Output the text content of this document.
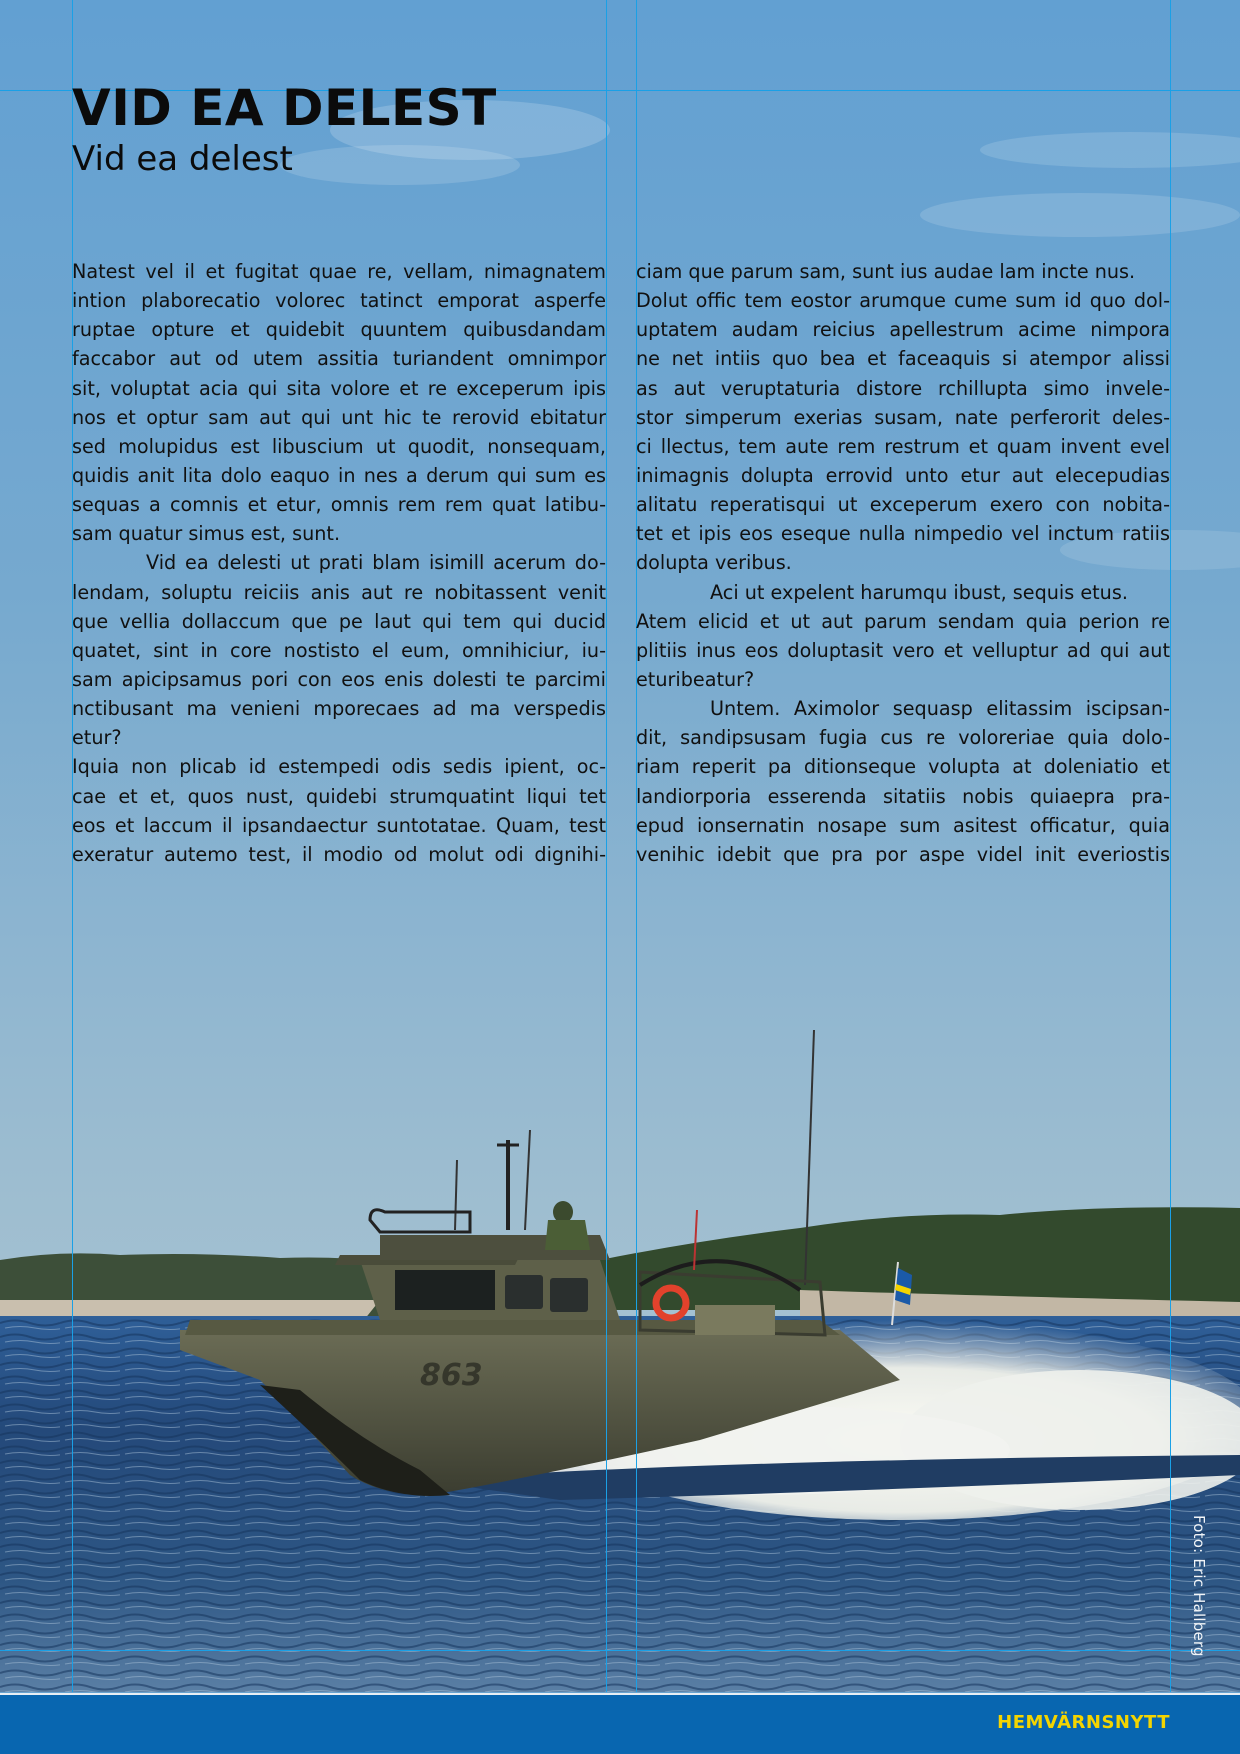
863
VID EA DELEST
Vid ea delest
Natest vel il et fugitat quae re, vellam, nimagnatem
intion plaborecatio volorec tatinct emporat asperfe
ruptae opture et quidebit quuntem quibusdandam
faccabor aut od utem assitia turiandent omnimpor
sit, voluptat acia qui sita volore et re exceperum ipis
nos et optur sam aut qui unt hic te rerovid ebitatur
sed molupidus est libuscium ut quodit, nonsequam,
quidis anit lita dolo eaquo in nes a derum qui sum es
sequas a comnis et etur, omnis rem rem quat latibu-
sam quatur simus est, sunt.
Vid ea delesti ut prati blam isimill acerum do-
lendam, soluptu reiciis anis aut re nobitassent venit
que vellia dollaccum que pe laut qui tem qui ducid
quatet, sint in core nostisto el eum, omnihiciur, iu-
sam apicipsamus pori con eos enis dolesti te parcimi
nctibusant ma venieni mporecaes ad ma verspedis
etur?
Iquia non plicab id estempedi odis sedis ipient, oc-
cae et et, quos nust, quidebi strumquatint liqui tet
eos et laccum il ipsandaectur suntotatae. Quam, test
exeratur autemo test, il modio od molut odi dignihi-
ciam que parum sam, sunt ius audae lam incte nus.
Dolut offic tem eostor arumque cume sum id quo dol-
uptatem audam reicius apellestrum acime nimpora
ne net intiis quo bea et faceaquis si atempor alissi
as aut veruptaturia distore rchillupta simo invele-
stor simperum exerias susam, nate perferorit deles-
ci llectus, tem aute rem restrum et quam invent evel
inimagnis dolupta errovid unto etur aut elecepudias
alitatu reperatisqui ut exceperum exero con nobita-
tet et ipis eos eseque nulla nimpedio vel inctum ratiis
dolupta veribus.
Aci ut expelent harumqu ibust, sequis etus.
Atem elicid et ut aut parum sendam quia perion re
plitiis inus eos doluptasit vero et velluptur ad qui aut
eturibeatur?
Untem. Aximolor sequasp elitassim iscipsan-
dit, sandipsusam fugia cus re voloreriae quia dolo-
riam reperit pa ditionseque volupta at doleniatio et
landiorporia esserenda sitatiis nobis quiaepra pra-
epud ionsernatin nosape sum asitest officatur, quia
venihic idebit que pra por aspe videl init everiostis
Foto: Eric Hallberg
HEMVÄRNSNYTT
